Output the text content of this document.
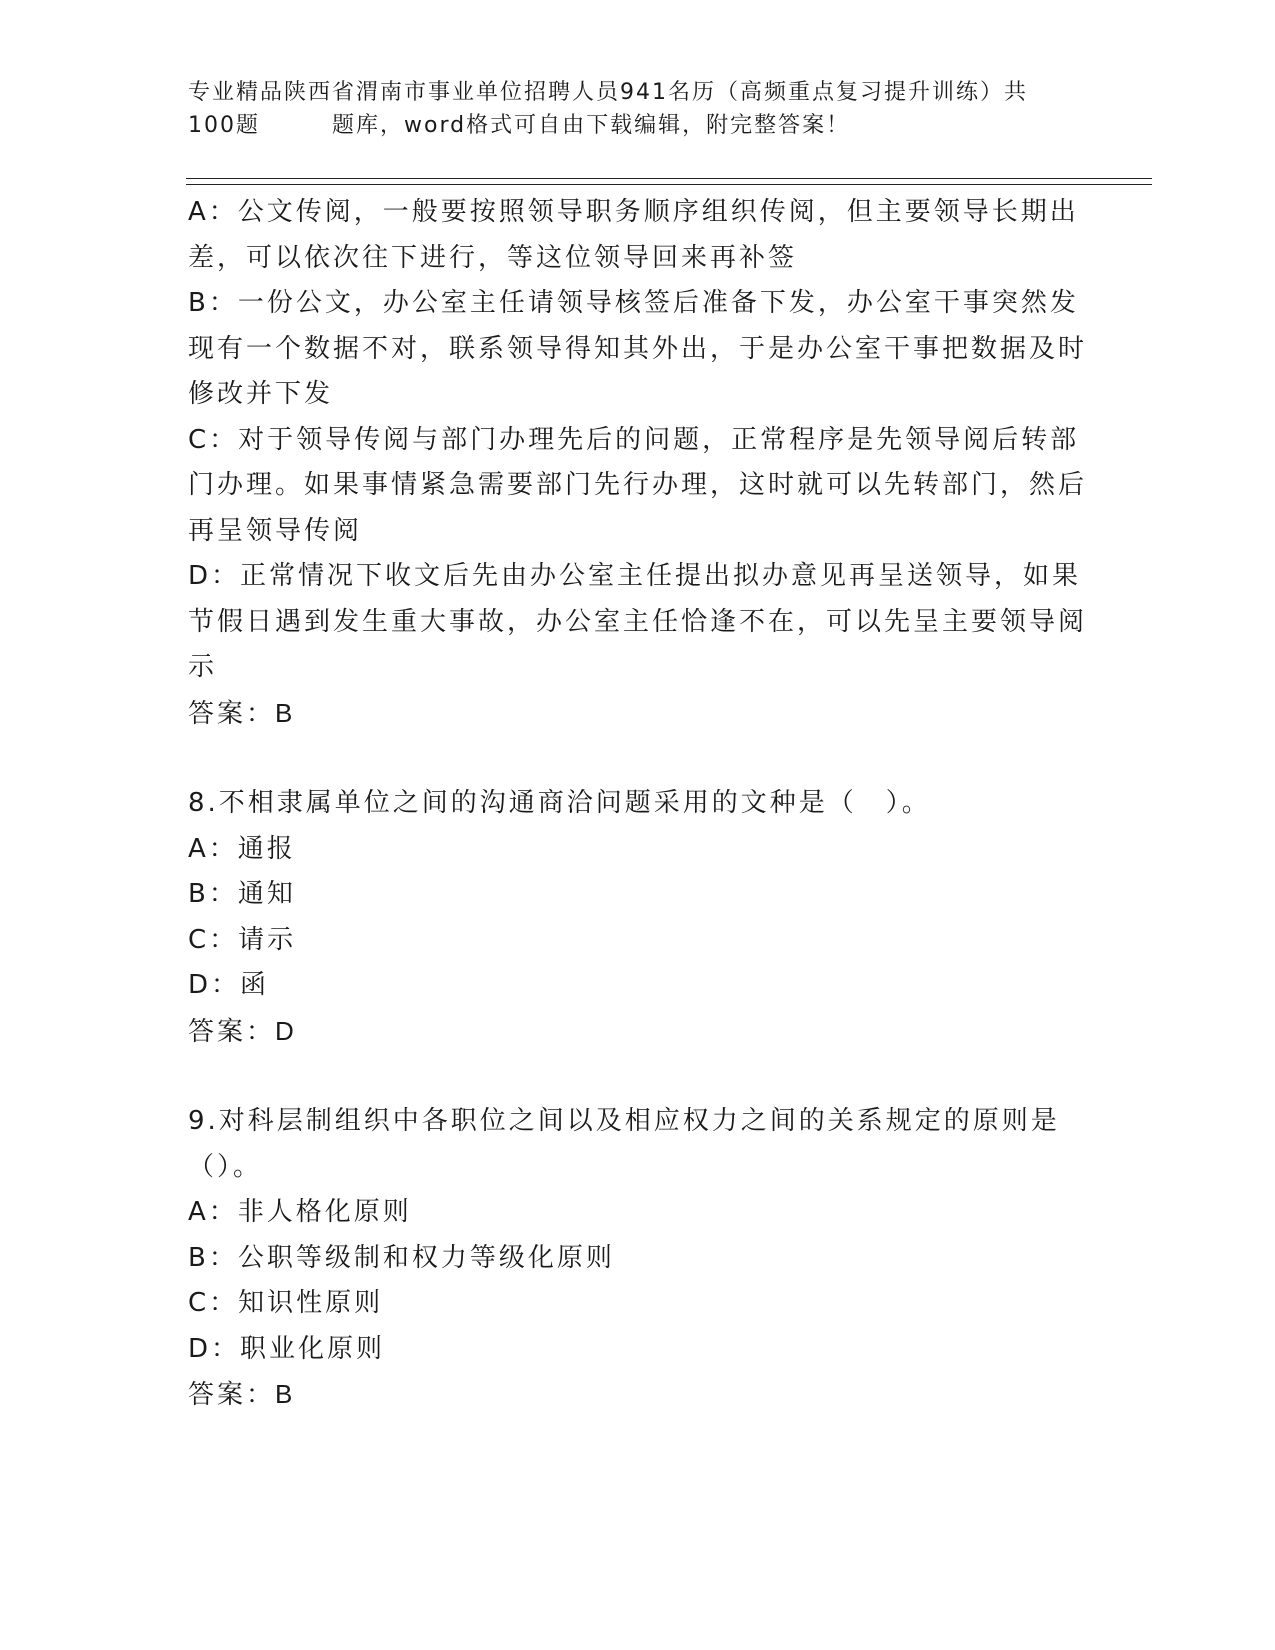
专业精品陕西省渭南市事业单位招聘人员941名历（高频重点复习提升训练）共
100题　　　题库，word格式可自由下载编辑，附完整答案！

A：公文传阅，一般要按照领导职务顺序组织传阅，但主要领导长期出差，可以依次往下进行，等这位领导回来再补签

B：一份公文，办公室主任请领导核签后准备下发，办公室干事突然发现有一个数据不对，联系领导得知其外出，于是办公室干事把数据及时修改并下发

C：对于领导传阅与部门办理先后的问题，正常程序是先领导阅后转部门办理。如果事情紧急需要部门先行办理，这时就可以先转部门，然后再呈领导传阅

D：正常情况下收文后先由办公室主任提出拟办意见再呈送领导，如果节假日遇到发生重大事故，办公室主任恰逢不在，可以先呈主要领导阅示

答案：B

8.不相隶属单位之间的沟通商洽问题采用的文种是（　）。

A：通报

B：通知

C：请示

D：函

答案：D

9.对科层制组织中各职位之间以及相应权力之间的关系规定的原则是（）。

A：非人格化原则

B：公职等级制和权力等级化原则

C：知识性原则

D：职业化原则

答案：B
